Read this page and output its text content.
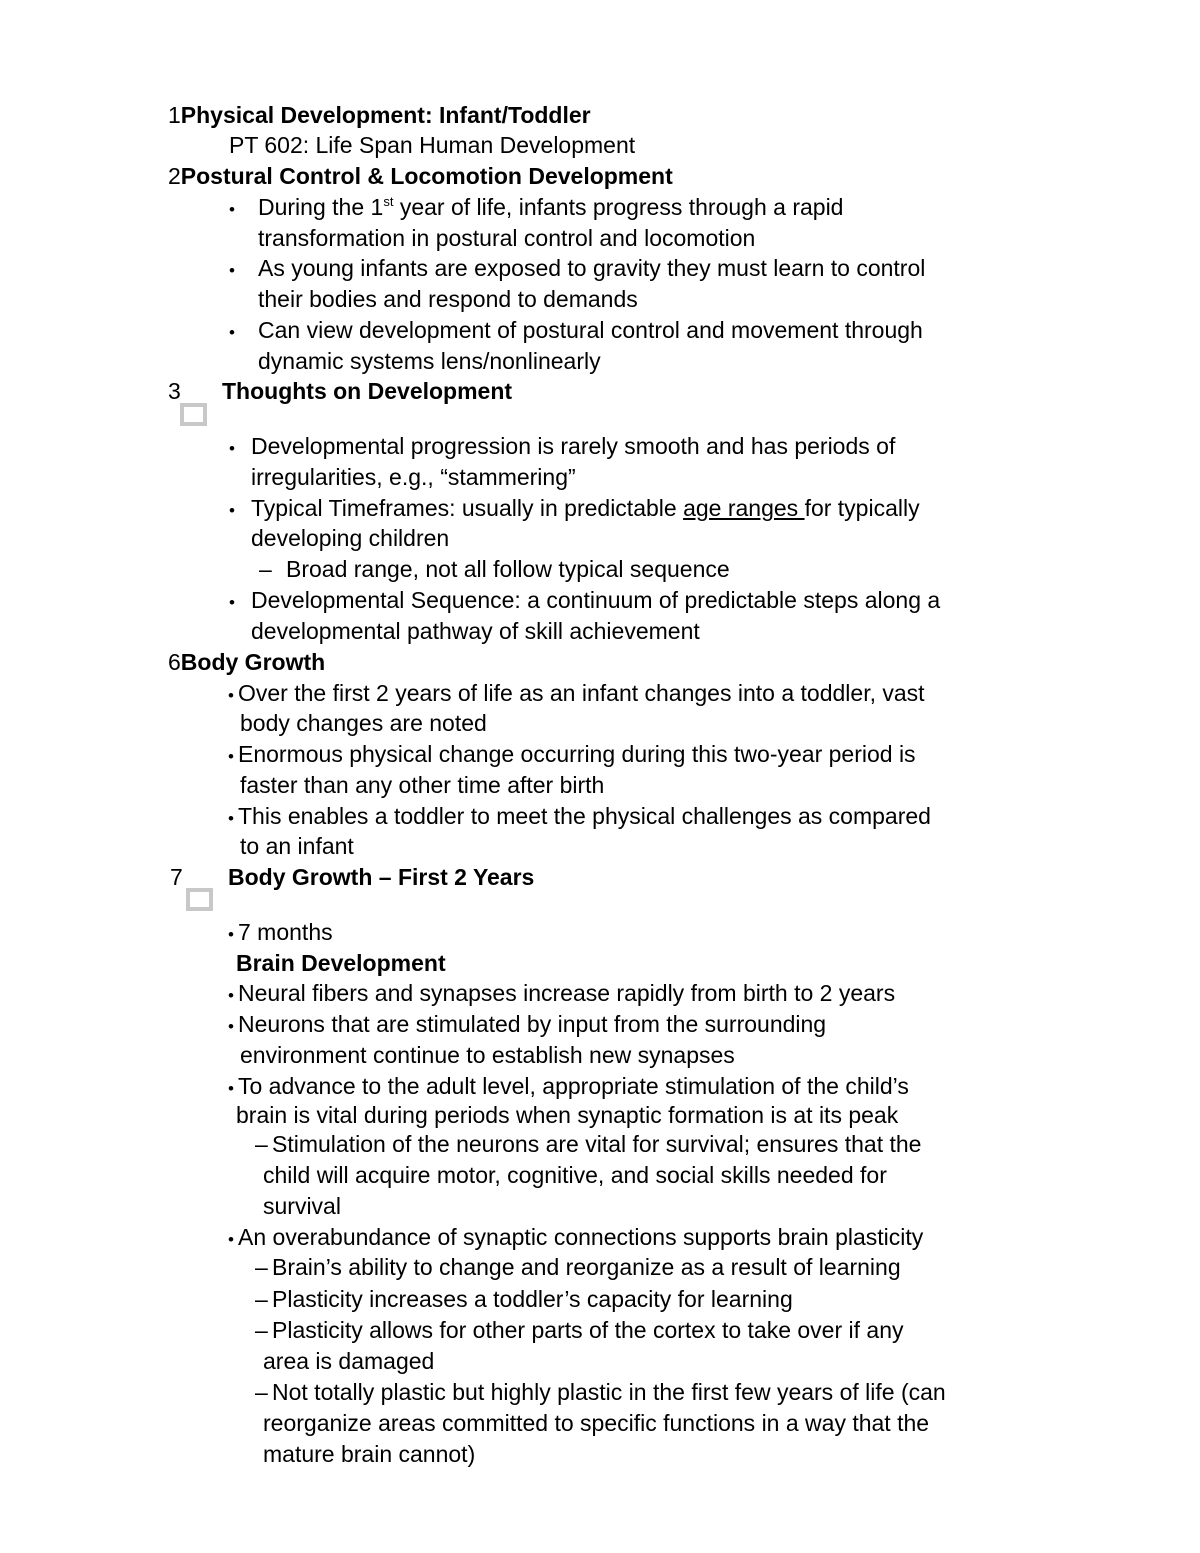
1Physical Development: Infant/Toddler
PT 602: Life Span Human Development
2Postural Control & Locomotion Development
• During the 1st year of life, infants progress through a rapid
transformation in postural control and locomotion
• As young infants are exposed to gravity they must learn to control
their bodies and respond to demands
• Can view development of postural control and movement through
dynamic systems lens/nonlinearly
3 Thoughts on Development
• Developmental progression is rarely smooth and has periods of
irregularities, e.g., “stammering”
• Typical Timeframes: usually in predictable age ranges for typically
developing children
– Broad range, not all follow typical sequence
• Developmental Sequence: a continuum of predictable steps along a
developmental pathway of skill achievement
6Body Growth
• Over the first 2 years of life as an infant changes into a toddler, vast
body changes are noted
• Enormous physical change occurring during this two-year period is
faster than any other time after birth
• This enables a toddler to meet the physical challenges as compared
to an infant
7 Body Growth – First 2 Years
• 7 months
Brain Development
• Neural fibers and synapses increase rapidly from birth to 2 years
• Neurons that are stimulated by input from the surrounding
environment continue to establish new synapses
• To advance to the adult level, appropriate stimulation of the child’s
brain is vital during periods when synaptic formation is at its peak
– Stimulation of the neurons are vital for survival; ensures that the
child will acquire motor, cognitive, and social skills needed for
survival
• An overabundance of synaptic connections supports brain plasticity
– Brain’s ability to change and reorganize as a result of learning
– Plasticity increases a toddler’s capacity for learning
– Plasticity allows for other parts of the cortex to take over if any
area is damaged
– Not totally plastic but highly plastic in the first few years of life (can
reorganize areas committed to specific functions in a way that the
mature brain cannot)
